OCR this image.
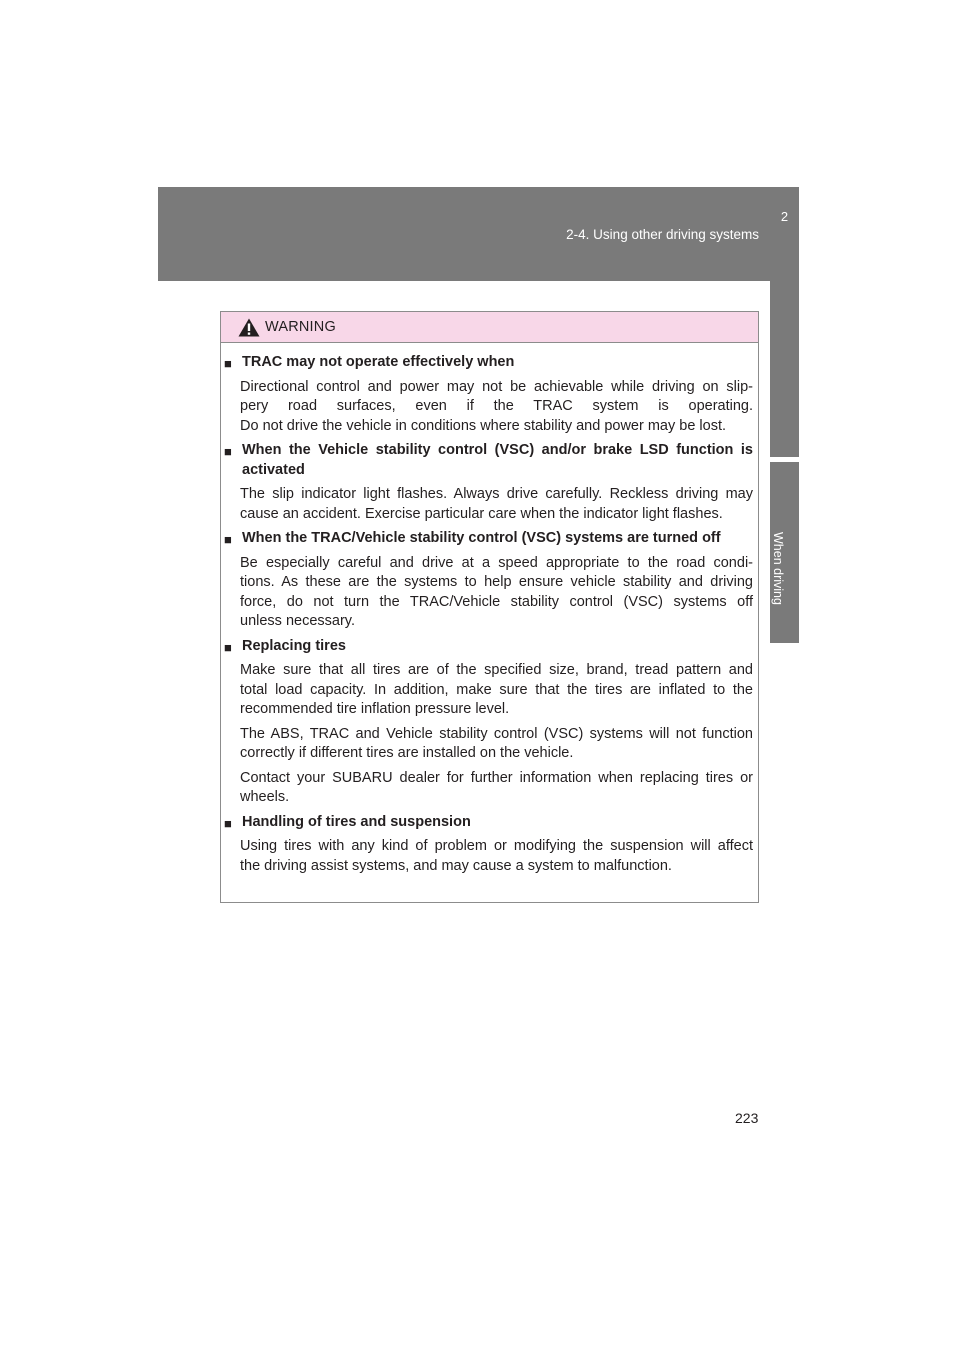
2-4. Using other driving systems
2
When driving
WARNING
■ TRAC may not operate effectively when
Directional control and power may not be achievable while driving on slip-
pery road surfaces, even if the TRAC system is operating.
Do not drive the vehicle in conditions where stability and power may be lost.
■ When the Vehicle stability control (VSC) and/or brake LSD function is activated
The slip indicator light flashes. Always drive carefully. Reckless driving may
cause an accident. Exercise particular care when the indicator light flashes.
■ When the TRAC/Vehicle stability control (VSC) systems are turned off
Be especially careful and drive at a speed appropriate to the road condi-
tions. As these are the systems to help ensure vehicle stability and driving
force, do not turn the TRAC/Vehicle stability control (VSC) systems off
unless necessary.
■ Replacing tires
Make sure that all tires are of the specified size, brand, tread pattern and
total load capacity. In addition, make sure that the tires are inflated to the
recommended tire inflation pressure level.
The ABS, TRAC and Vehicle stability control (VSC) systems will not function
correctly if different tires are installed on the vehicle.
Contact your SUBARU dealer for further information when replacing tires or
wheels.
■ Handling of tires and suspension
Using tires with any kind of problem or modifying the suspension will affect
the driving assist systems, and may cause a system to malfunction.
223
